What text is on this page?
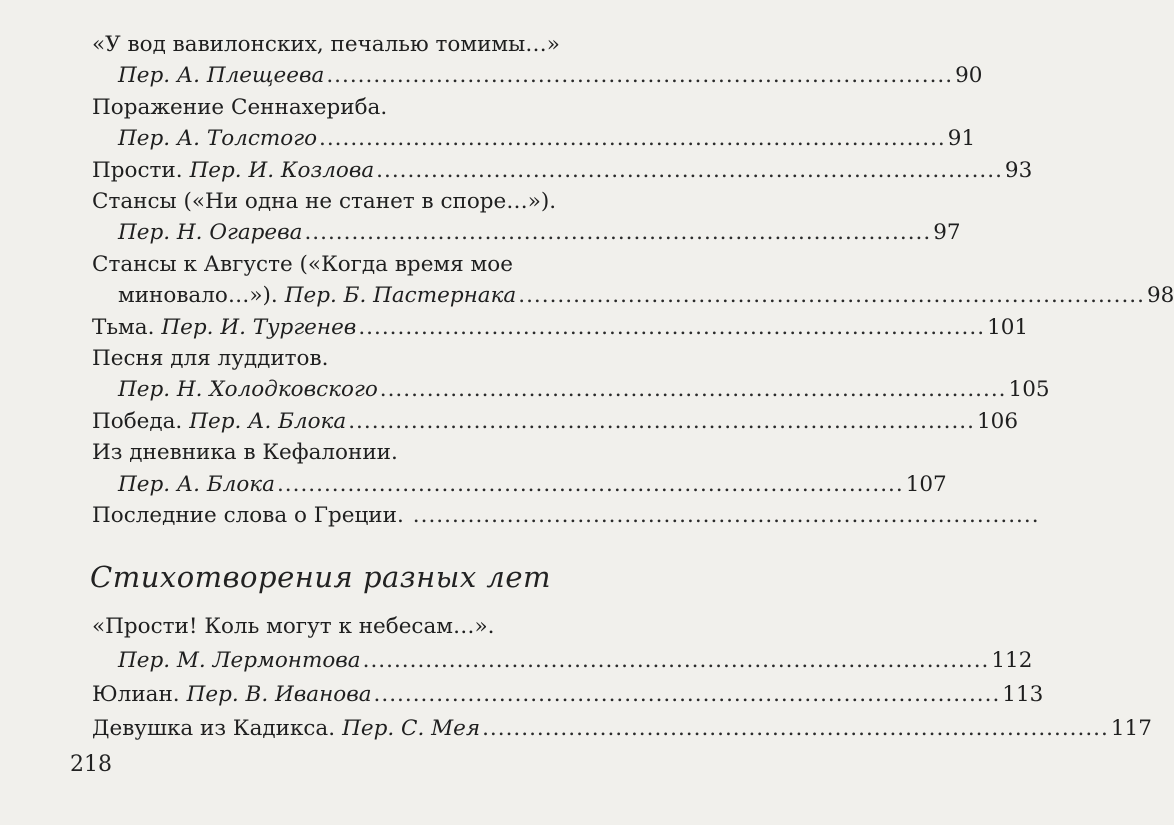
«У вод вавилонских, печалью томимы…»
Пер. А. Плещеева ................................................................................ 90
Поражение Сеннахериба.
Пер. А. Толстого ................................................................................ 91
Прости. Пер. И. Козлова ................................................................................ 93
Стансы («Ни одна не станет в споре…»).
Пер. Н. Огарева ................................................................................ 97
Стансы к Августе («Когда время мое
миновало…»). Пер. Б. Пастернака ................................................................................ 98
Тьма. Пер. И. Тургенев ................................................................................ 101
Песня для луддитов.
Пер. Н. Холодковского ................................................................................ 105
Победа. Пер. А. Блока ................................................................................ 106
Из дневника в Кефалонии.
Пер. А. Блока ................................................................................ 107
Последние слова о Греции. ................................................................................
Стихотворения разных лет
«Прости! Коль могут к небесам…».
Пер. М. Лермонтова ................................................................................ 112
Юлиан. Пер. В. Иванова ................................................................................ 113
Девушка из Кадикса. Пер. С. Мея ................................................................................ 117
218
